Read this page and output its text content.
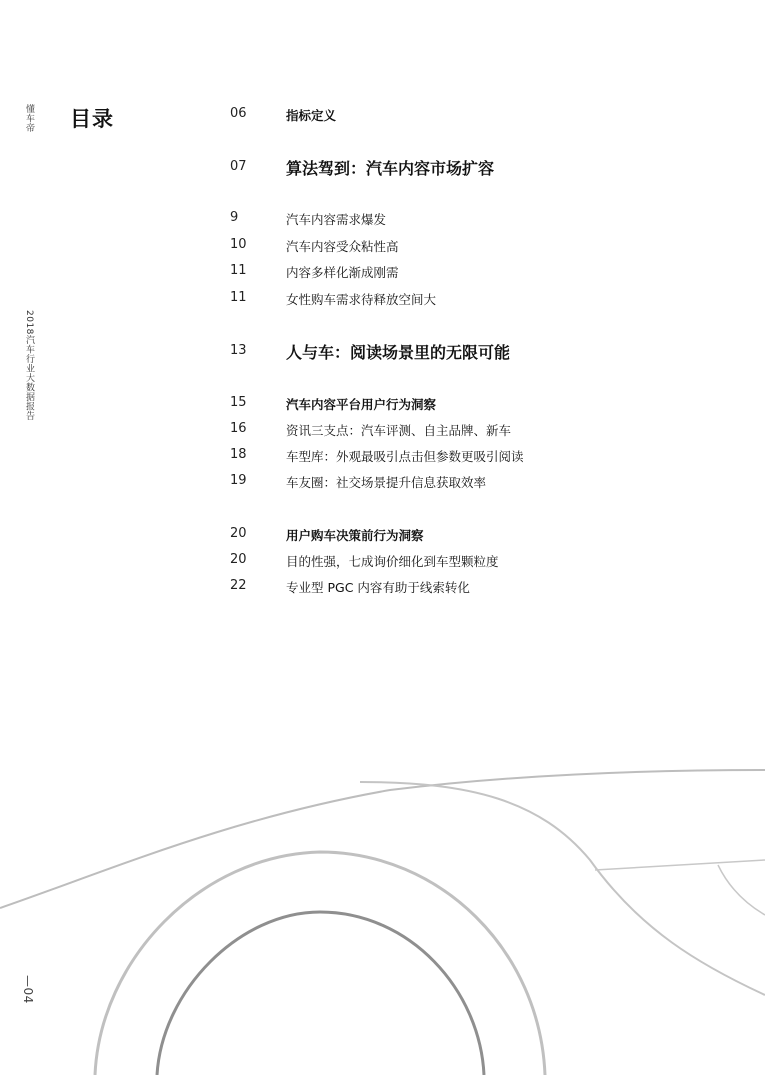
懂车帝
2018汽车行业大数据报告
—04
目录	06	指标定义
07 算法驾到：汽车内容市场扩容
9	汽车内容需求爆发
10	汽车内容受众粘性高
11	内容多样化渐成刚需
11	女性购车需求待释放空间大
13 人与车：阅读场景里的无限可能
15	汽车内容平台用户行为洞察
16	资讯三支点：汽车评测、自主品牌、新车
18	车型库：外观最吸引点击但参数更吸引阅读
19	车友圈：社交场景提升信息获取效率
20	用户购车决策前行为洞察
20	目的性强，七成询价细化到车型颗粒度
22	专业型 PGC 内容有助于线索转化
